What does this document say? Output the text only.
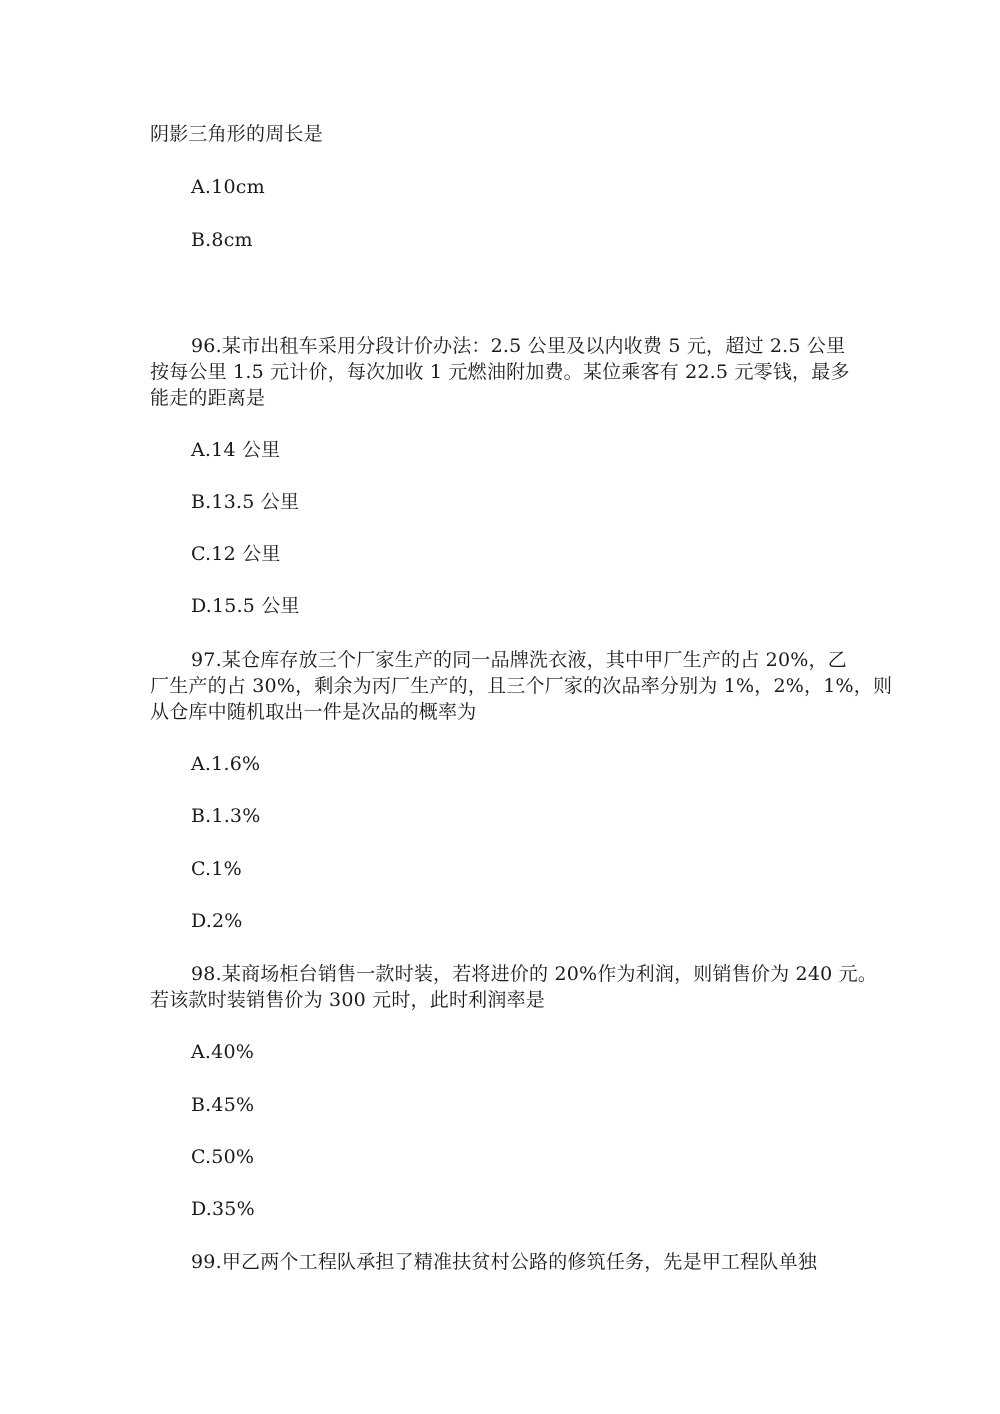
阴影三角形的周长是
A.10cm
B.8cm
96.某市出租车采用分段计价办法：2.5 公里及以内收费 5 元，超过 2.5 公里
按每公里 1.5 元计价，每次加收 1 元燃油附加费。某位乘客有 22.5 元零钱，最多
能走的距离是
A.14 公里
B.13.5 公里
C.12 公里
D.15.5 公里
97.某仓库存放三个厂家生产的同一品牌洗衣液，其中甲厂生产的占 20%，乙
厂生产的占 30%，剩余为丙厂生产的，且三个厂家的次品率分别为 1%，2%，1%，则
从仓库中随机取出一件是次品的概率为
A.1.6%
B.1.3%
C.1%
D.2%
98.某商场柜台销售一款时装，若将进价的 20%作为利润，则销售价为 240 元。
若该款时装销售价为 300 元时，此时利润率是
A.40%
B.45%
C.50%
D.35%
99.甲乙两个工程队承担了精准扶贫村公路的修筑任务，先是甲工程队单独
